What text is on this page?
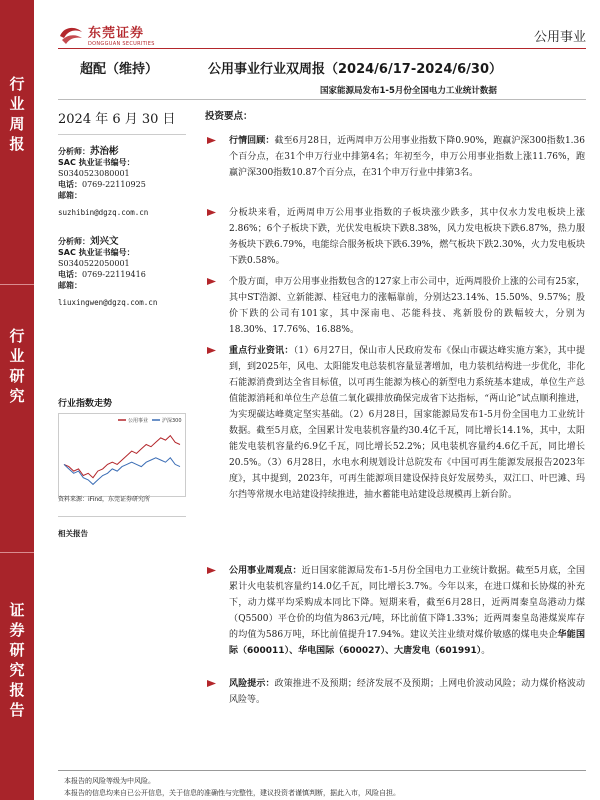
行
业
周
报
行
业
研
究
证
券
研
究
报
告
东莞证券
DONGGUAN SECURITIES	公用事业
超配（维持）	公用事业行业双周报（2024/6/17-2024/6/30）
国家能源局发布1-5月份全国电力工业统计数据
2024 年 6 月 30 日
分析师：苏治彬
SAC 执业证书编号：
S0340523080001
电话：0769-22110925
邮箱：
suzhibin@dgzq.com.cn
分析师：刘兴文
SAC 执业证书编号：
S0340522050001
电话：0769-22119416
邮箱：
liuxingwen@dgzq.com.cn
行业指数走势
公用事业	沪深300
资料来源：iFind，东莞证券研究所
相关报告
投资要点：
行情回顾：截至6月28日，近两周申万公用事业指数下降0.90%，跑赢沪深300指数1.36个百分点，在31个申万行业中排第4名；年初至今，申万公用事业指数上涨11.76%，跑赢沪深300指数10.87个百分点，在31个申万行业中排第3名。
分板块来看，近两周申万公用事业指数的子板块涨少跌多，其中仅水力发电板块上涨2.86%；6个子板块下跌，光伏发电板块下跌8.38%，风力发电板块下跌6.87%，热力服务板块下跌6.79%，电能综合服务板块下跌6.39%，燃气板块下跌2.30%，火力发电板块下跌0.58%。
个股方面，申万公用事业指数包含的127家上市公司中，近两周股价上涨的公司有25家，其中ST浩源、立新能源、桂冠电力的涨幅靠前，分别达23.14%、15.50%、9.57%；股价下跌的公司有101家，其中深南电、芯能科技、兆新股份的跌幅较大，分别为18.30%、17.76%、16.88%。
重点行业资讯：（1）6月27日，保山市人民政府发布《保山市碳达峰实施方案》，其中提到，到2025年，风电、太阳能发电总装机容量显著增加，电力装机结构进一步优化，非化石能源消费到达全省目标值，以可再生能源为核心的新型电力系统基本建成，单位生产总值能源消耗和单位生产总值二氧化碳排放确保完成省下达指标，“两山论”试点顺利推进，为实现碳达峰奠定坚实基础。（2）6月28日，国家能源局发布1-5月份全国电力工业统计数据。截至5月底，全国累计发电装机容量约30.4亿千瓦，同比增长14.1%，其中，太阳能发电装机容量约6.9亿千瓦，同比增长52.2%；风电装机容量约4.6亿千瓦，同比增长20.5%。（3）6月28日，水电水利规划设计总院发布《中国可再生能源发展报告2023年度》，其中提到，2023年，可再生能源项目建设保持良好发展势头，双江口、叶巴滩、玛尔挡等常规水电站建设持续推进，抽水蓄能电站建设总规模再上新台阶。
公用事业周观点：近日国家能源局发布1-5月份全国电力工业统计数据。截至5月底，全国累计火电装机容量约14.0亿千瓦，同比增长3.7%。今年以来，在进口煤和长协煤的补充下，动力煤平均采购成本同比下降。短期来看，截至6月28日，近两周秦皇岛港动力煤（Q5500）平仓价的均值为863元/吨，环比前值下降1.33%；近两周秦皇岛港煤炭库存的均值为586万吨，环比前值提升17.94%。建议关注业绩对煤价敏感的煤电央企华能国际（600011）、华电国际（600027）、大唐发电（601991）。
风险提示：政策推进不及预期；经济发展不及预期；上网电价波动风险；动力煤价格波动风险等。
本报告的风险等级为中风险。
本报告的信息均来自已公开信息，关于信息的准确性与完整性，建议投资者谨慎判断，据此入市，风险自担。
